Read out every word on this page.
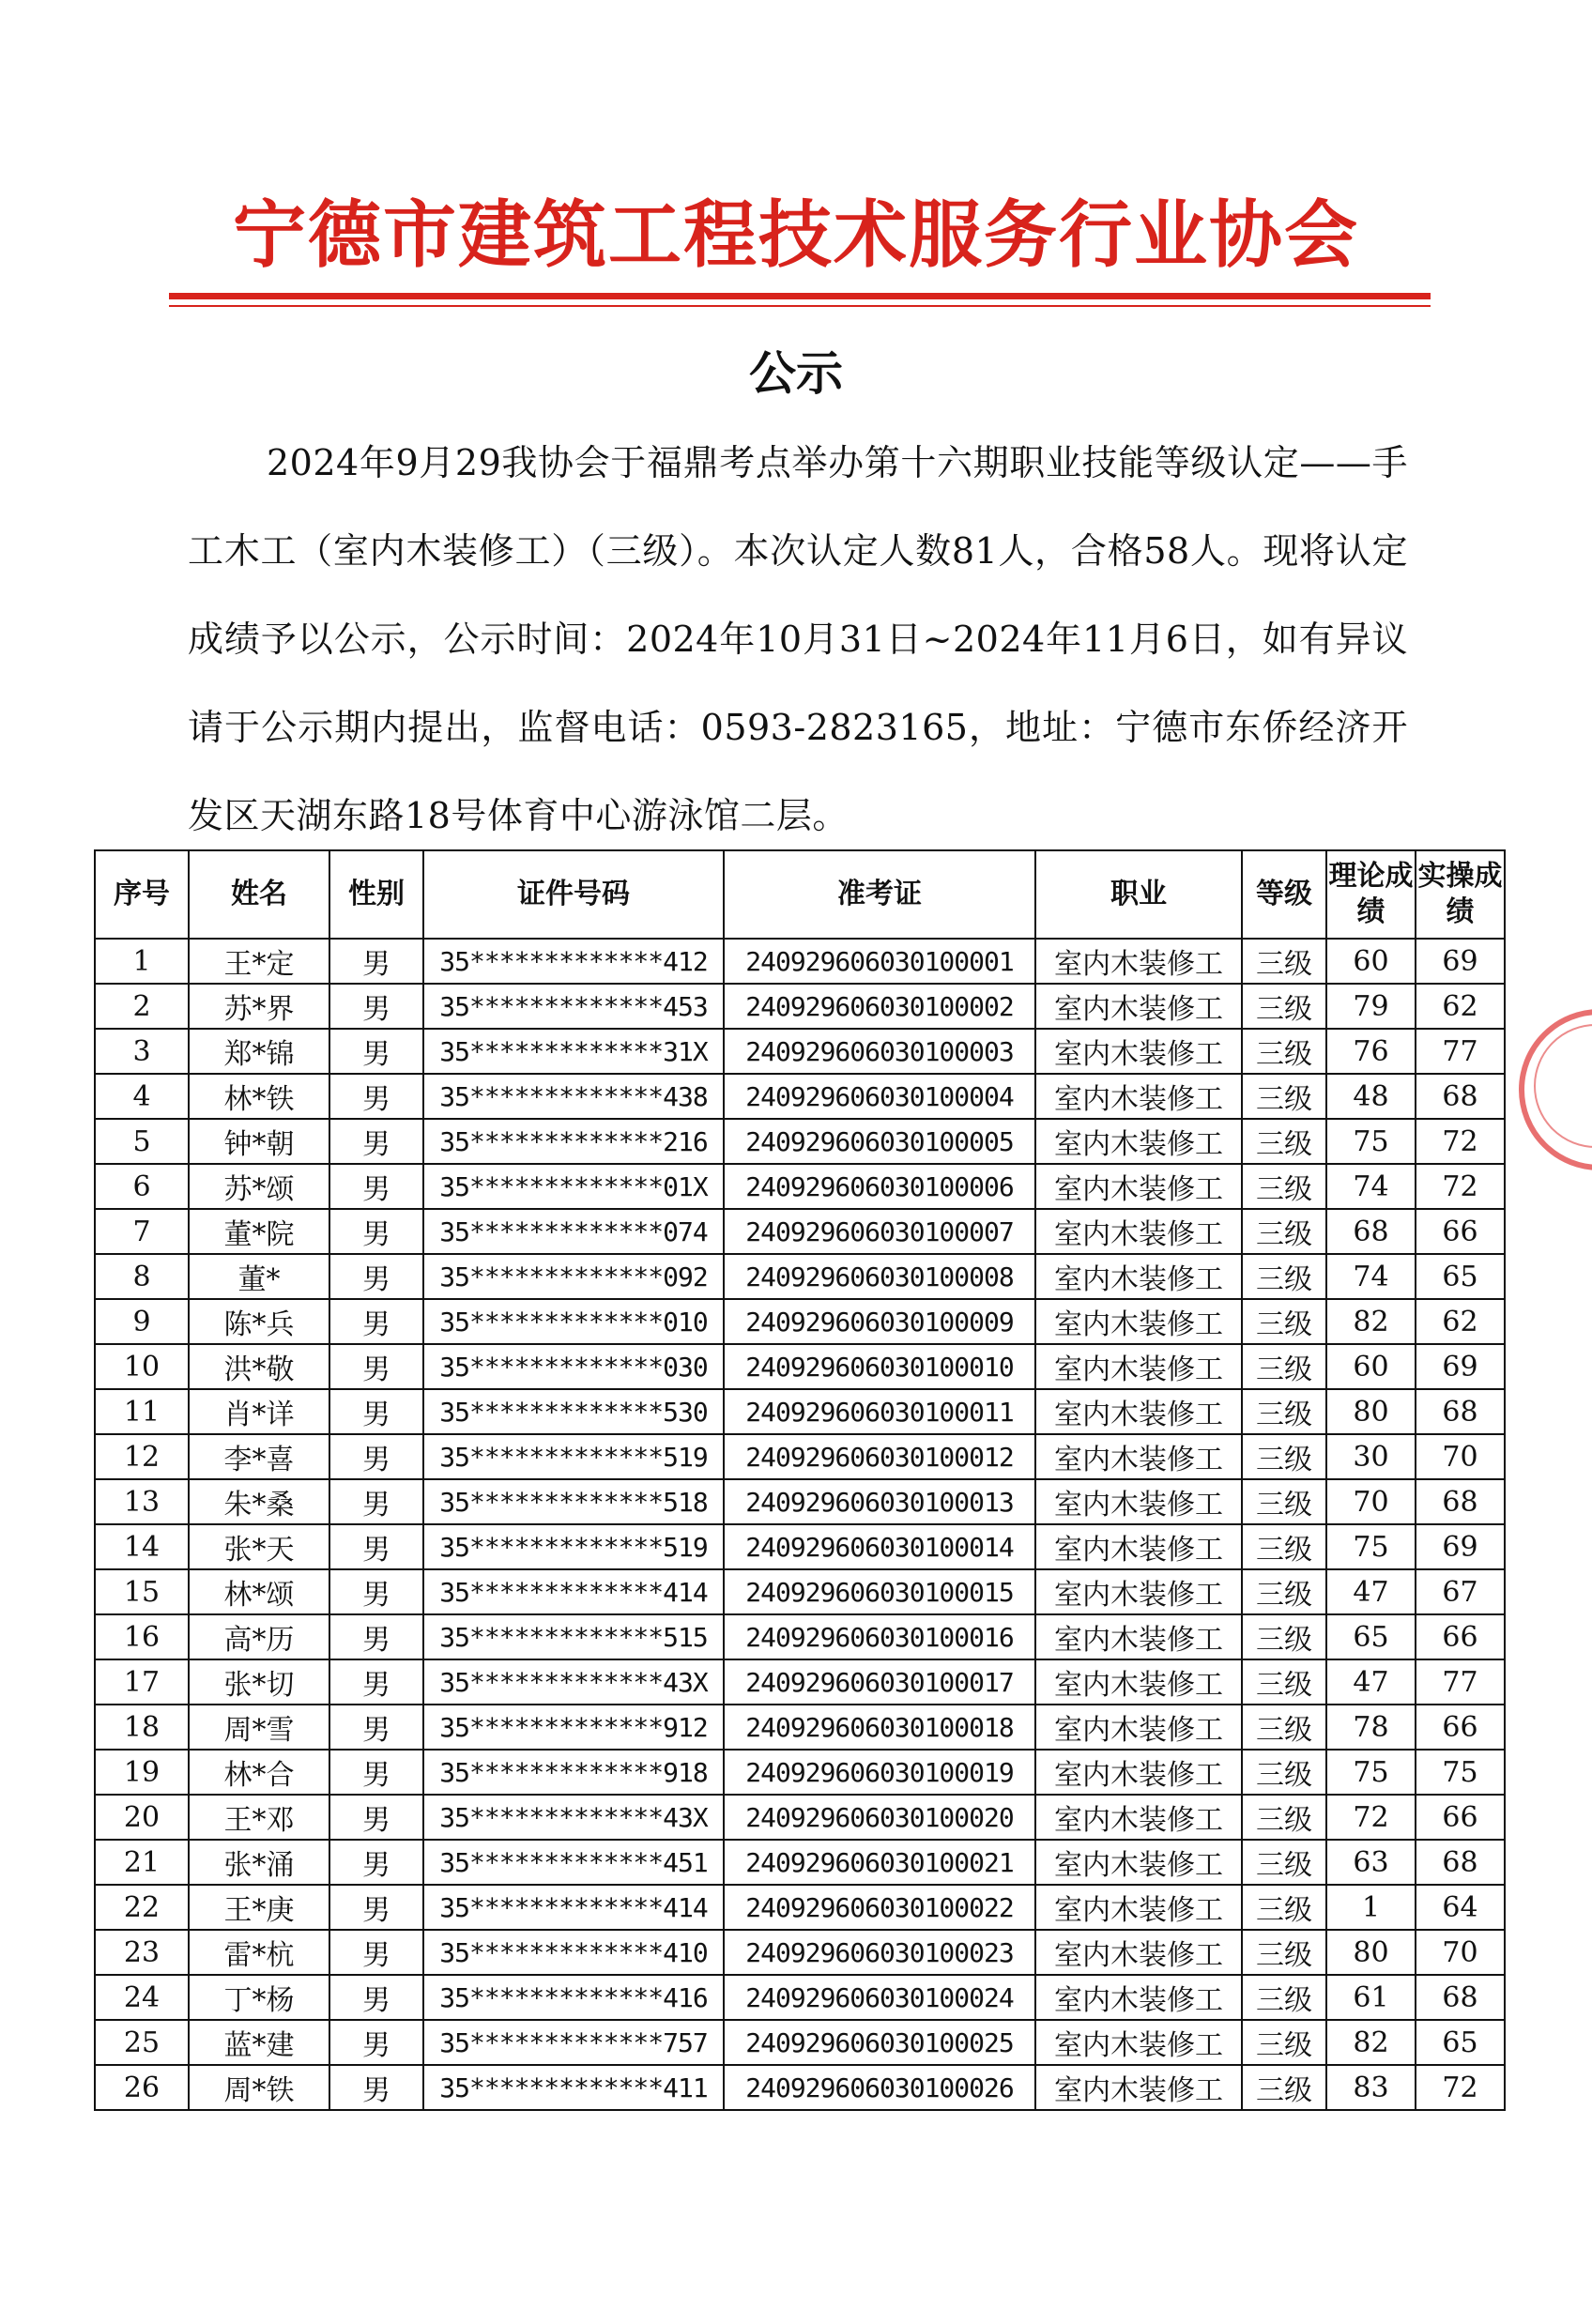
宁德市建筑工程技术服务行业协会
公示
2024年9月29我协会于福鼎考点举办第十六期职业技能等级认定——手工木工（室内木装修工）（三级）。本次认定人数81人，合格58人。现将认定成绩予以公示，公示时间：2024年10月31日~2024年11月6日，如有异议请于公示期内提出，监督电话：0593-2823165，地址：宁德市东侨经济开发区天湖东路18号体育中心游泳馆二层。
序号	姓名	性别	证件号码	准考证	职业	等级	理论成绩	实操成绩
1	王*定	男	35*************412	240929606030100001	室内木装修工	三级	60	69
2	苏*界	男	35*************453	240929606030100002	室内木装修工	三级	79	62
3	郑*锦	男	35*************31X	240929606030100003	室内木装修工	三级	76	77
4	林*铁	男	35*************438	240929606030100004	室内木装修工	三级	48	68
5	钟*朝	男	35*************216	240929606030100005	室内木装修工	三级	75	72
6	苏*颂	男	35*************01X	240929606030100006	室内木装修工	三级	74	72
7	董*院	男	35*************074	240929606030100007	室内木装修工	三级	68	66
8	董*	男	35*************092	240929606030100008	室内木装修工	三级	74	65
9	陈*兵	男	35*************010	240929606030100009	室内木装修工	三级	82	62
10	洪*敬	男	35*************030	240929606030100010	室内木装修工	三级	60	69
11	肖*详	男	35*************530	240929606030100011	室内木装修工	三级	80	68
12	李*喜	男	35*************519	240929606030100012	室内木装修工	三级	30	70
13	朱*桑	男	35*************518	240929606030100013	室内木装修工	三级	70	68
14	张*天	男	35*************519	240929606030100014	室内木装修工	三级	75	69
15	林*颂	男	35*************414	240929606030100015	室内木装修工	三级	47	67
16	高*历	男	35*************515	240929606030100016	室内木装修工	三级	65	66
17	张*切	男	35*************43X	240929606030100017	室内木装修工	三级	47	77
18	周*雪	男	35*************912	240929606030100018	室内木装修工	三级	78	66
19	林*合	男	35*************918	240929606030100019	室内木装修工	三级	75	75
20	王*邓	男	35*************43X	240929606030100020	室内木装修工	三级	72	66
21	张*涌	男	35*************451	240929606030100021	室内木装修工	三级	63	68
22	王*庚	男	35*************414	240929606030100022	室内木装修工	三级	1	64
23	雷*杭	男	35*************410	240929606030100023	室内木装修工	三级	80	70
24	丁*杨	男	35*************416	240929606030100024	室内木装修工	三级	61	68
25	蓝*建	男	35*************757	240929606030100025	室内木装修工	三级	82	65
26	周*铁	男	35*************411	240929606030100026	室内木装修工	三级	83	72
